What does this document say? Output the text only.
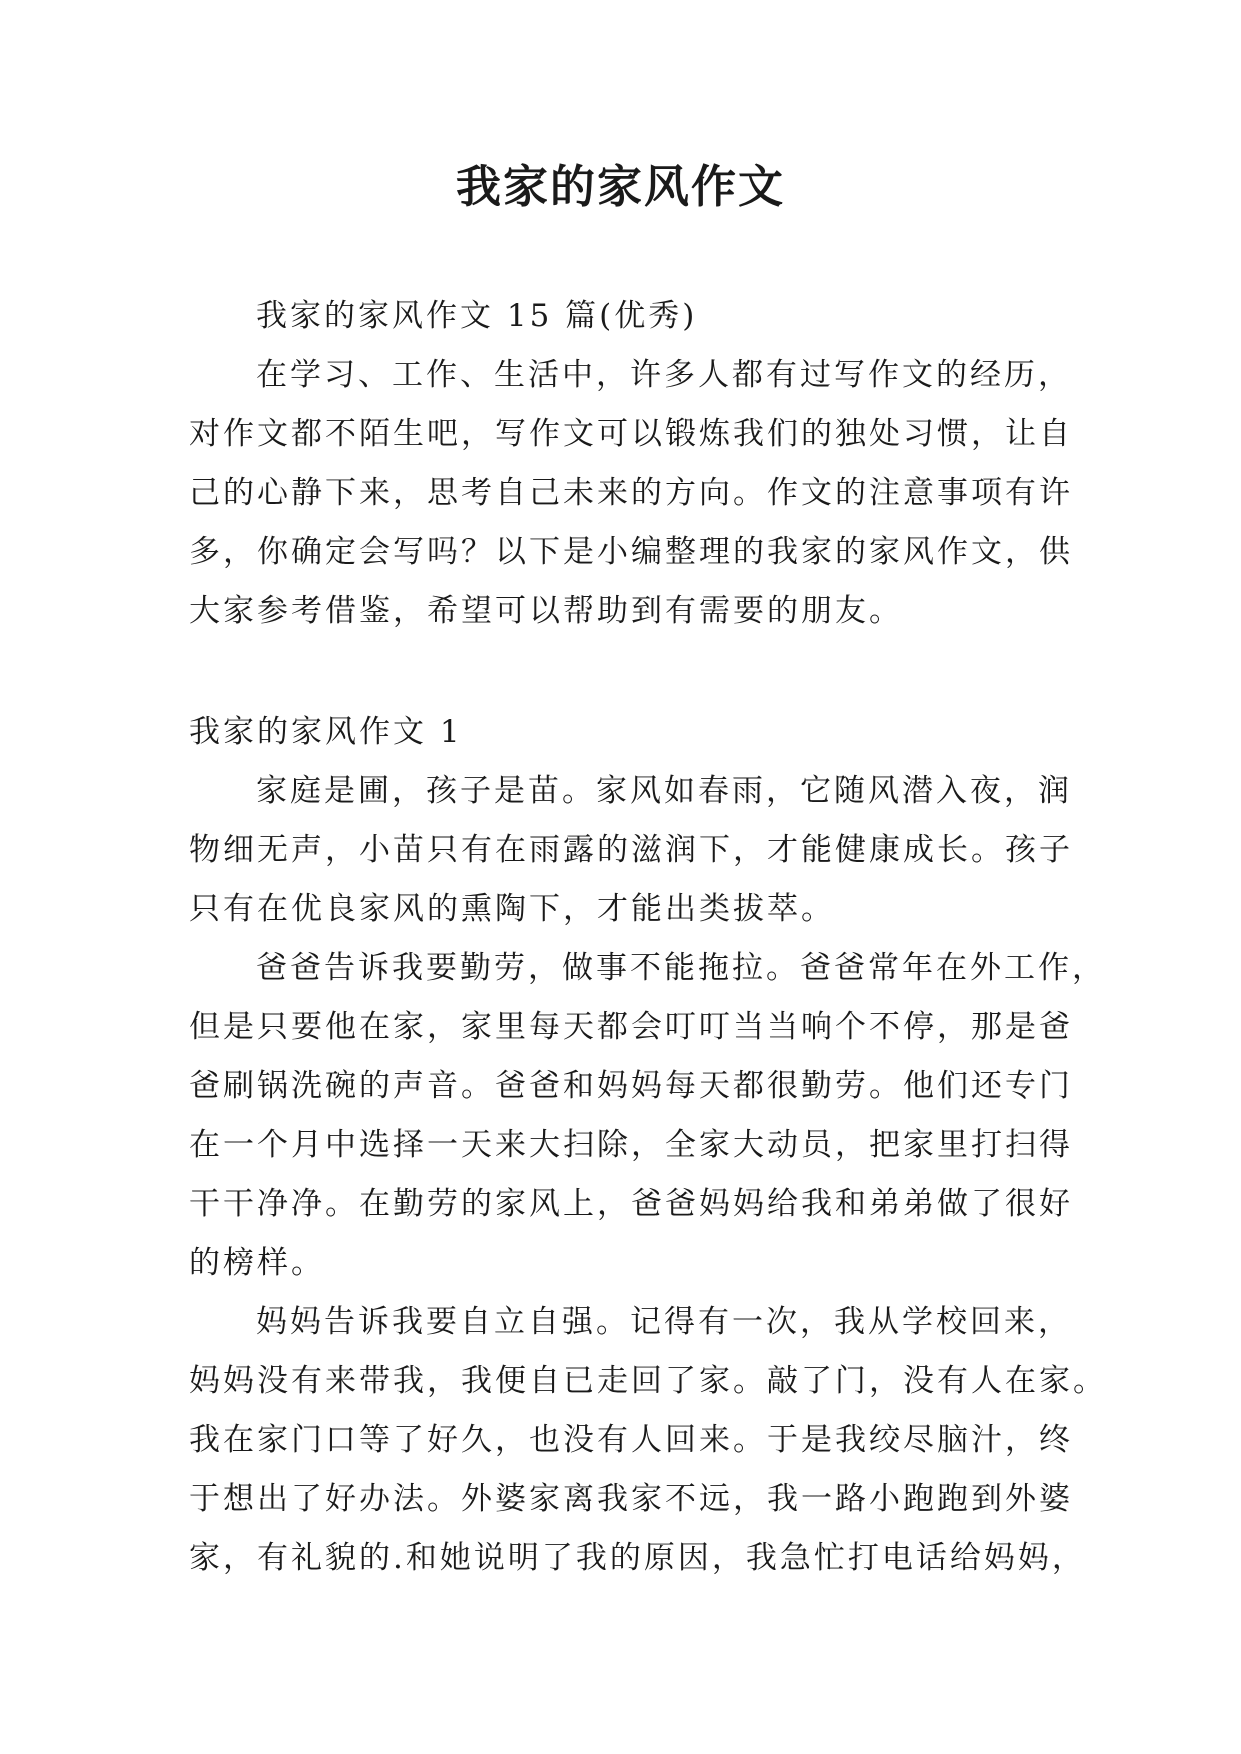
我家的家风作文
我家的家风作文 15 篇(优秀)
在学习、工作、生活中，许多人都有过写作文的经历，
对作文都不陌生吧，写作文可以锻炼我们的独处习惯，让自
己的心静下来，思考自己未来的方向。作文的注意事项有许
多，你确定会写吗？以下是小编整理的我家的家风作文，供
大家参考借鉴，希望可以帮助到有需要的朋友。
我家的家风作文 1
家庭是圃，孩子是苗。家风如春雨，它随风潜入夜，润
物细无声，小苗只有在雨露的滋润下，才能健康成长。孩子
只有在优良家风的熏陶下，才能出类拔萃。
爸爸告诉我要勤劳，做事不能拖拉。爸爸常年在外工作，
但是只要他在家，家里每天都会叮叮当当响个不停，那是爸
爸刷锅洗碗的声音。爸爸和妈妈每天都很勤劳。他们还专门
在一个月中选择一天来大扫除，全家大动员，把家里打扫得
干干净净。在勤劳的家风上，爸爸妈妈给我和弟弟做了很好
的榜样。
妈妈告诉我要自立自强。记得有一次，我从学校回来，
妈妈没有来带我，我便自已走回了家。敲了门，没有人在家。
我在家门口等了好久，也没有人回来。于是我绞尽脑汁，终
于想出了好办法。外婆家离我家不远，我一路小跑跑到外婆
家，有礼貌的.和她说明了我的原因，我急忙打电话给妈妈，
